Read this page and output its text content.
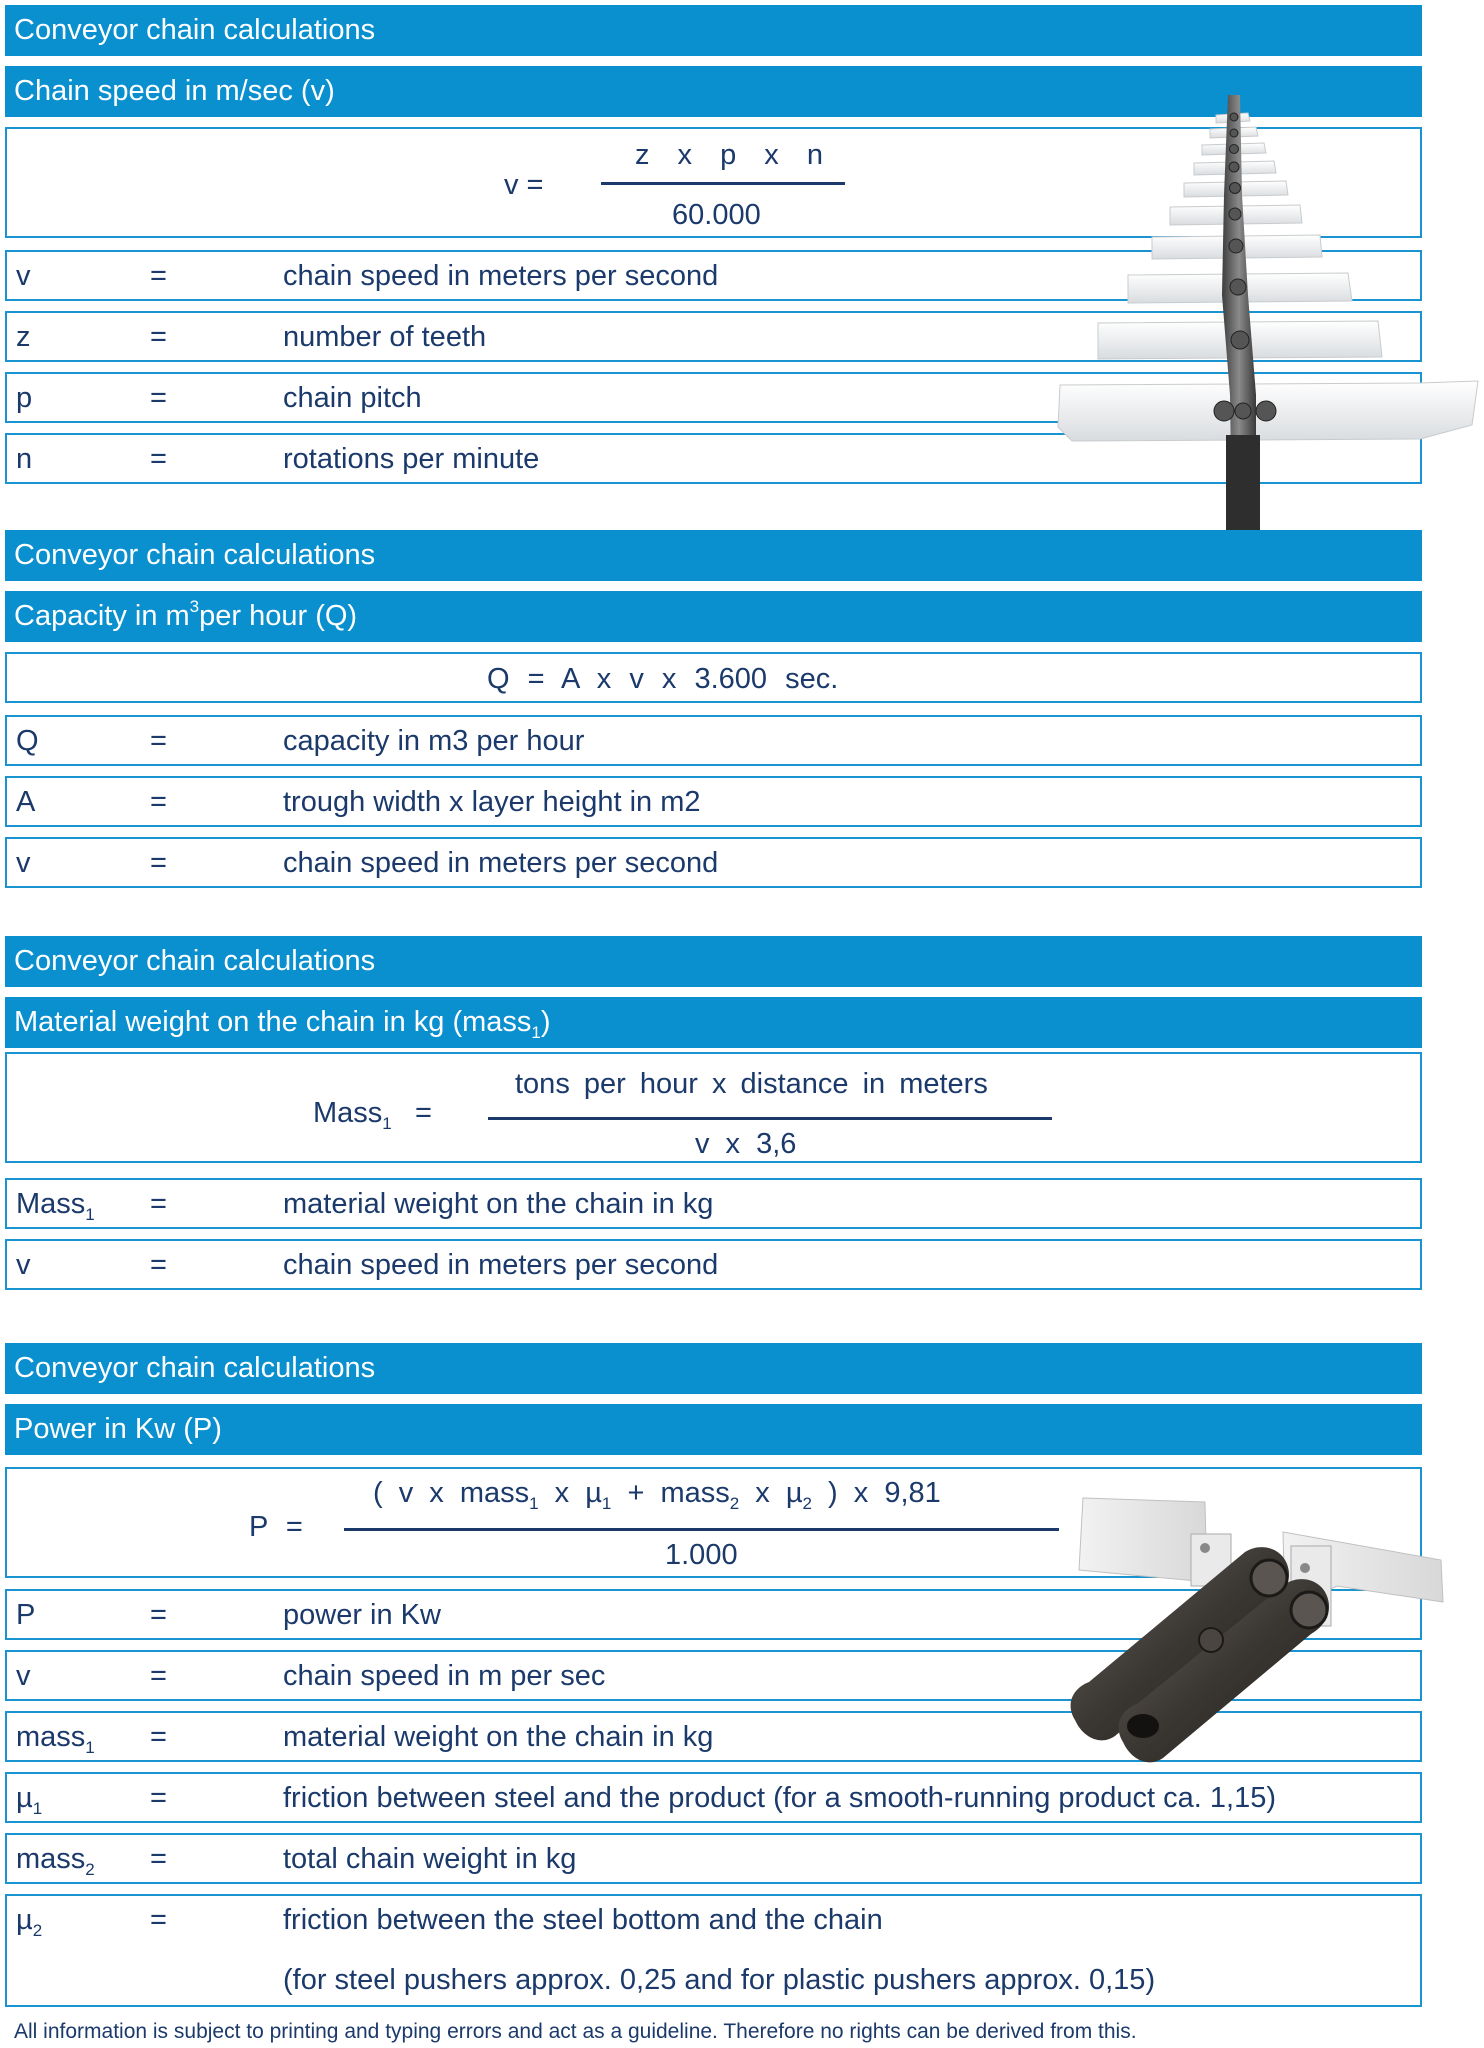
Conveyor chain calculations
Chain speed in m/sec (v)
v =
z x p x n
60.000
v	=	chain speed in meters per second
z	=	number of teeth
p	=	chain pitch
n	=	rotations per minute
Conveyor chain calculations
Capacity in $m^3per$ hour (Q)
Q = A x v x 3.600 sec.
Q	=	capacity in m3 per hour
A	=	trough width x layer height in m2
v	=	chain speed in meters per second
Conveyor chain calculations
Material weight on the chain in kg (mass$_1$)
Mass$_1$ =
tons per hour x distance in meters
v x 3,6
Mass$_1$ =	material weight on the chain in kg
v	=	chain speed in meters per second
Conveyor chain calculations
Power in Kw (P)
P =
( v x mass$_1$ x µ$_1$ + mass$_2$ x µ$_2$ ) x 9,81
1.000
P	=	power in Kw
v	=	chain speed in m per sec
mass$_1$ =	material weight on the chain in kg
µ$_1$	=	friction between steel and the product (for a smooth-running product ca. 1,15)
mass$_2$ =	total chain weight in kg
µ$_2$	=	friction between the steel bottom and the chain
(for steel pushers approx. 0,25 and for plastic pushers approx. 0,15)
All information is subject to printing and typing errors and act as a guideline. Therefore no rights can be derived from this.
